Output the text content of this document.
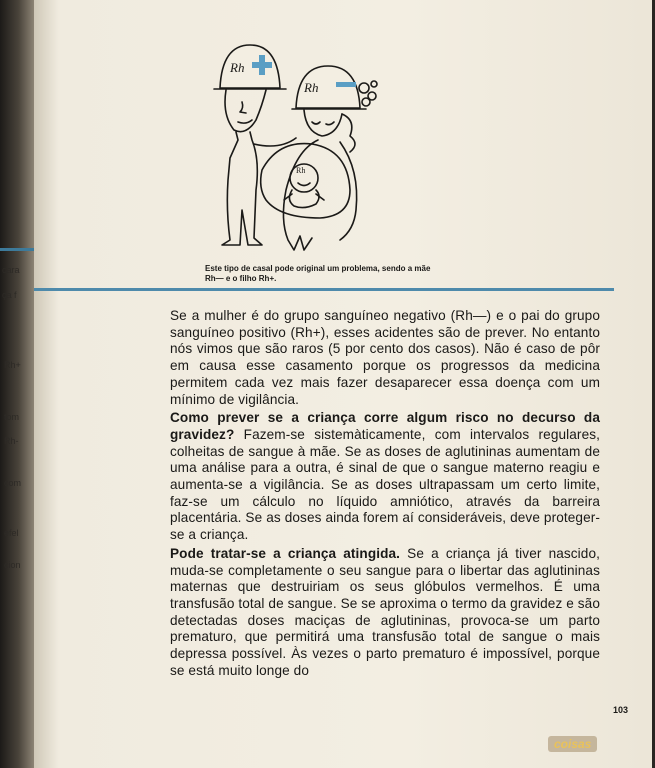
cara
ça f
Rh+
tom
Rh-
efel
com
cion
Rh
Rh
Rh
Este tipo de casal pode original um problema, sendo a mãe Rh— e o filho Rh+.

Se a mulher é do grupo sanguíneo negativo (Rh—) e o pai do grupo sanguíneo positivo (Rh+), esses acidentes são de prever. No entanto nós vimos que são raros (5 por cento dos casos). Não é caso de pôr em causa esse casamento porque os progressos da medicina permitem cada vez mais fazer desaparecer essa doença com um mínimo de vigilância.

Como prever se a criança corre algum risco no decurso da gravidez? Fazem-se sistemàticamente, com intervalos regulares, colheitas de sangue à mãe. Se as doses de aglutininas aumentam de uma análise para a outra, é sinal de que o sangue materno reagiu e aumenta-se a vigilância. Se as doses ultrapassam um certo limite, faz-se um cálculo no líquido amniótico, através da barreira placentária. Se as doses ainda forem aí consideráveis, deve proteger-se a criança.

Pode tratar-se a criança atingida. Se a criança já tiver nascido, muda-se completamente o seu sangue para o libertar das aglutininas maternas que destruiriam os seus glóbulos vermelhos. É uma transfusão total de sangue. Se se aproxima o termo da gravidez e são detectadas doses maciças de aglutininas, provoca-se um parto prematuro, que permitirá uma transfusão total de sangue o mais depressa possível. Às vezes o parto prematuro é impossível, porque se está muito longe do

103
coisas
